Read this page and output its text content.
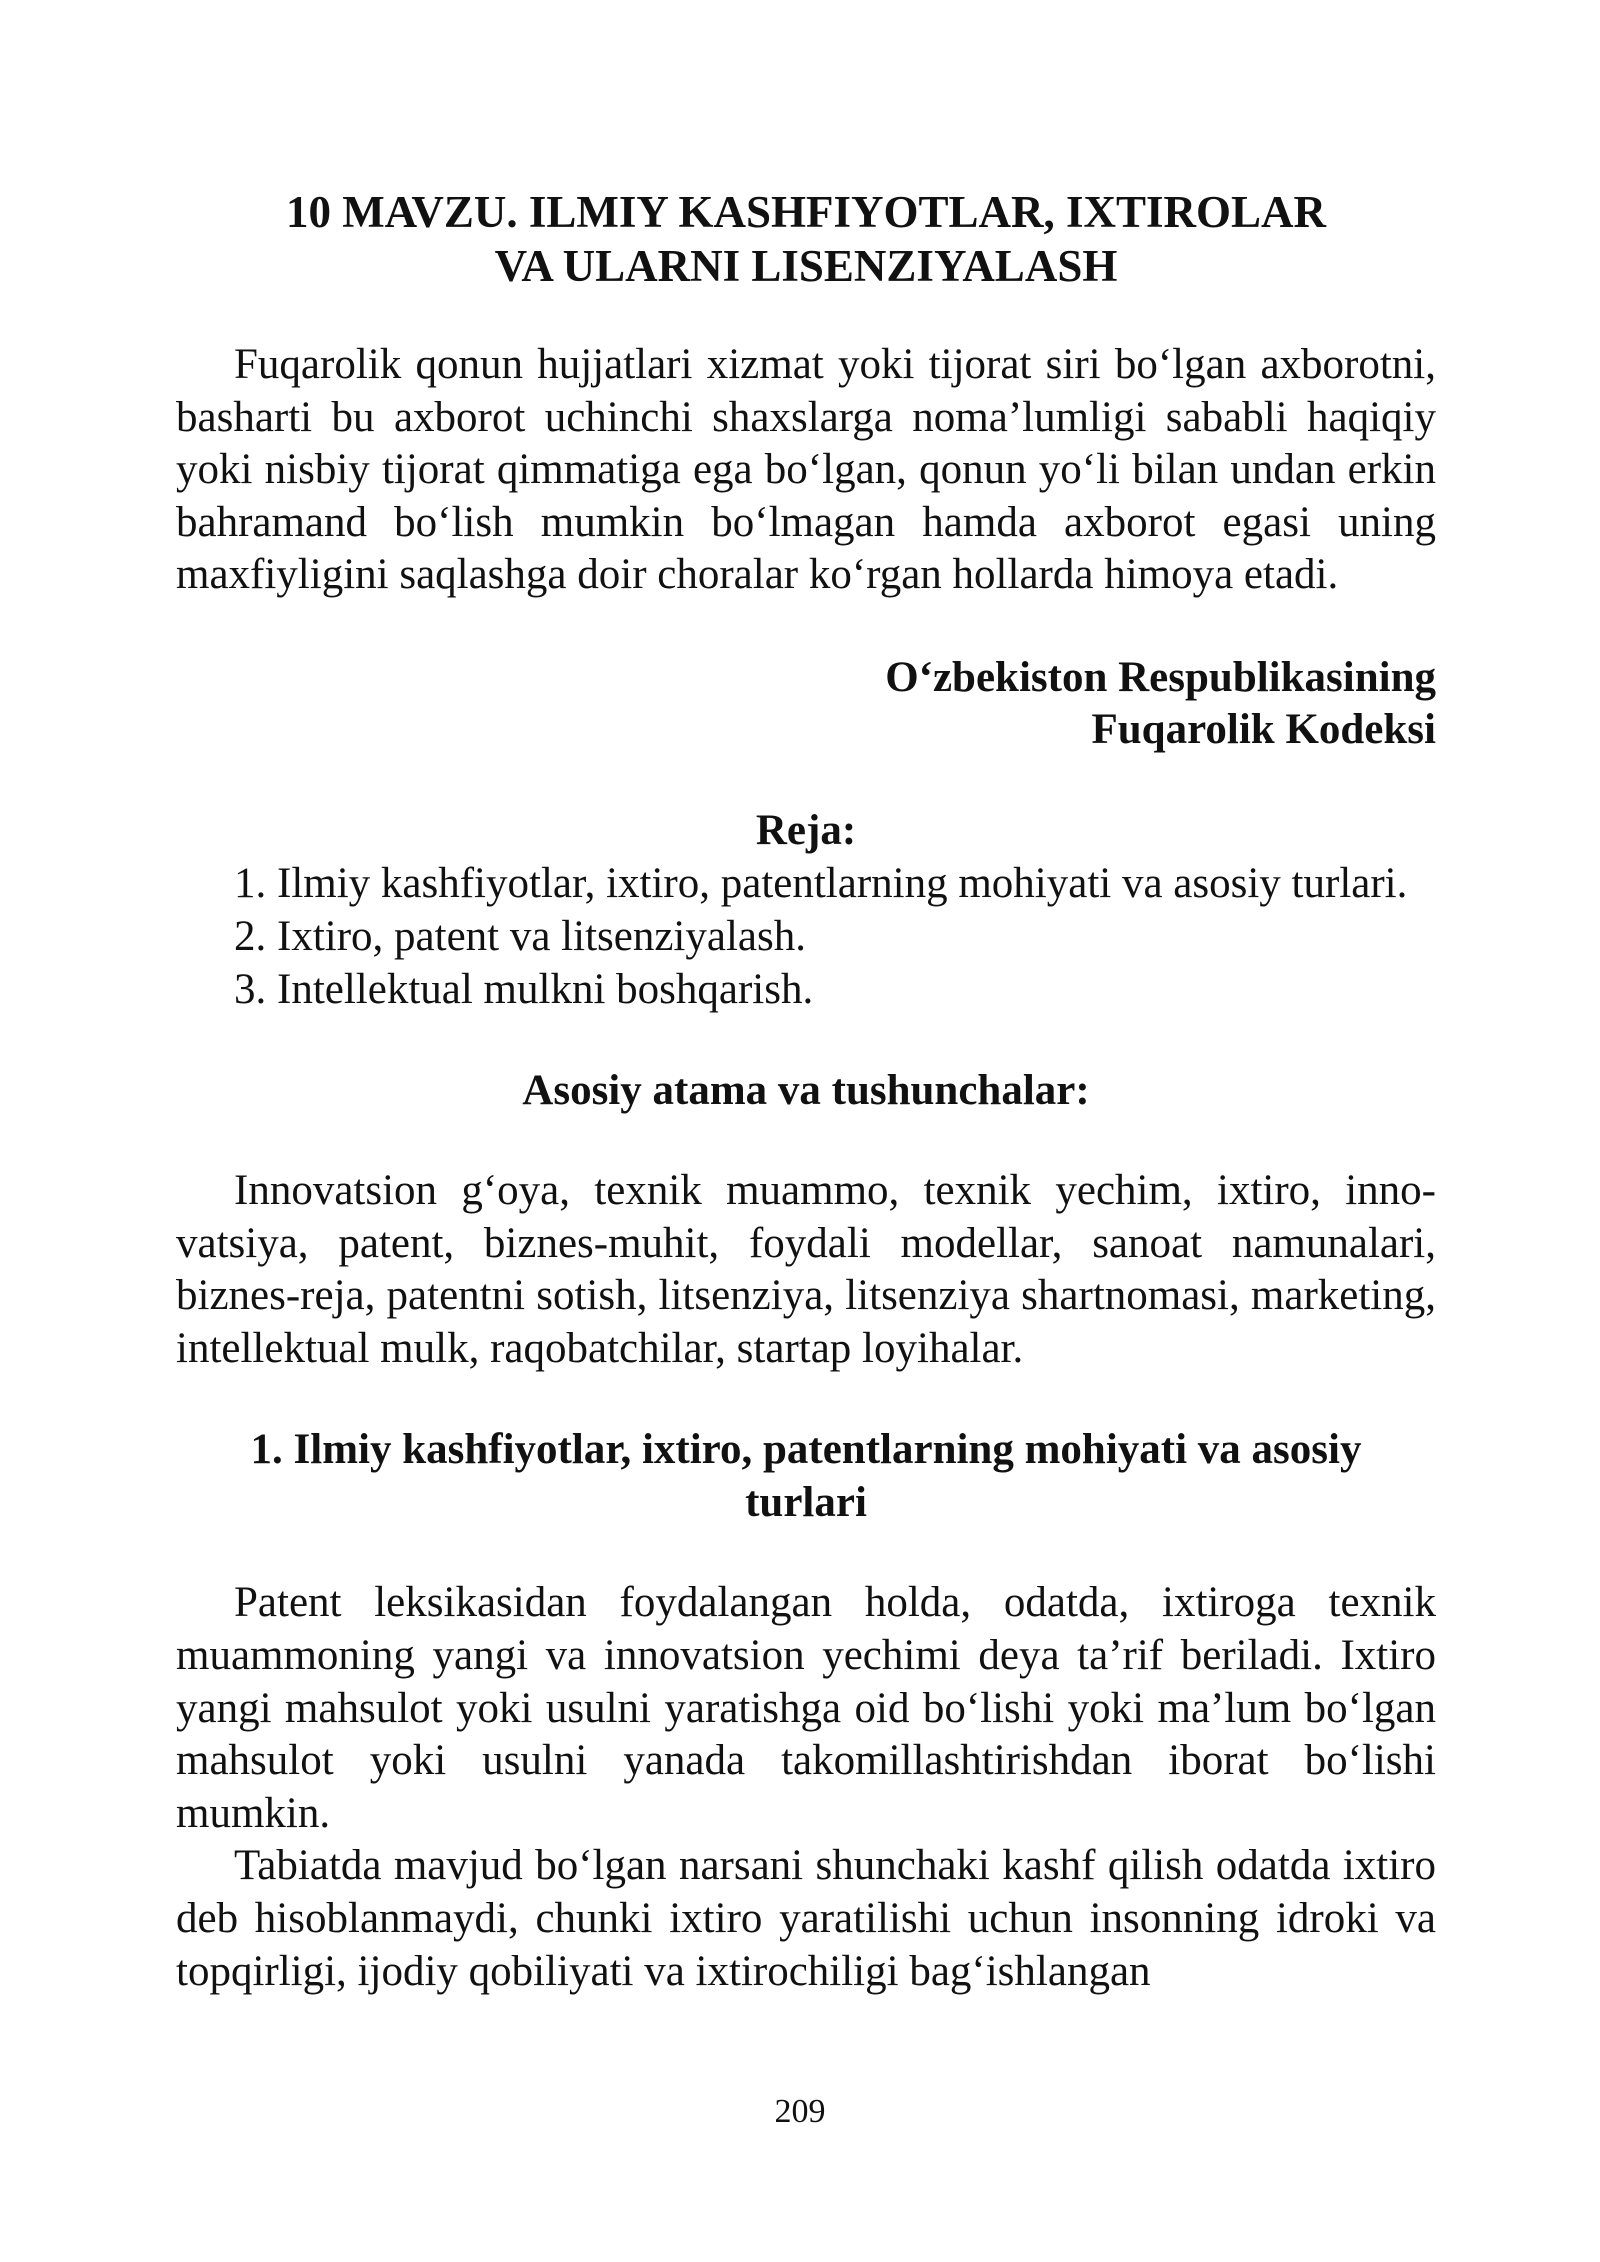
10 MAVZU. ILMIY KASHFIYOTLAR, IXTIROLAR
VA ULARNI LISENZIYALASH

Fuqarolik qonun hujjatlari xizmat yoki tijorat siri bo‘lgan axborotni, basharti bu axborot uchinchi shaxslarga noma’lumligi sababli haqiqiy yoki nisbiy tijorat qimmatiga ega bo‘lgan, qonun yo‘li bilan undan erkin bahramand bo‘lish mumkin bo‘lmagan hamda axborot egasi uning maxfiyligini saqlashga doir choralar ko‘rgan hollarda himoya etadi.

O‘zbekiston Respublikasining
Fuqarolik Kodeksi
Reja:
1. Ilmiy kashfiyotlar, ixtiro, patentlarning mohiyati va asosiy turlari.
2. Ixtiro, patent va litsenziyalash.
3. Intellektual mulkni boshqarish.
Asosiy atama va tushunchalar:

Innovatsion g‘oya, texnik muammo, texnik yechim, ixtiro, innovatsiya, patent, biznes-muhit, foydali modellar, sanoat namunalari, biznes-reja, patentni sotish, litsenziya, litsenziya shartnomasi, marketing, intellektual mulk, raqobatchilar, startap loyihalar.

1. Ilmiy kashfiyotlar, ixtiro, patentlarning mohiyati va asosiy
turlari

Patent leksikasidan foydalangan holda, odatda, ixtiroga texnik muammoning yangi va innovatsion yechimi deya ta’rif beriladi. Ixtiro yangi mahsulot yoki usulni yaratishga oid bo‘lishi yoki ma’lum bo‘lgan mahsulot yoki usulni yanada takomillashtirishdan iborat bo‘lishi mumkin.

Tabiatda mavjud bo‘lgan narsani shunchaki kashf qilish odatda ixtiro deb hisoblanmaydi, chunki ixtiro yaratilishi uchun insonning idroki va topqirligi, ijodiy qobiliyati va ixtirochiligi bag‘ishlangan

209
